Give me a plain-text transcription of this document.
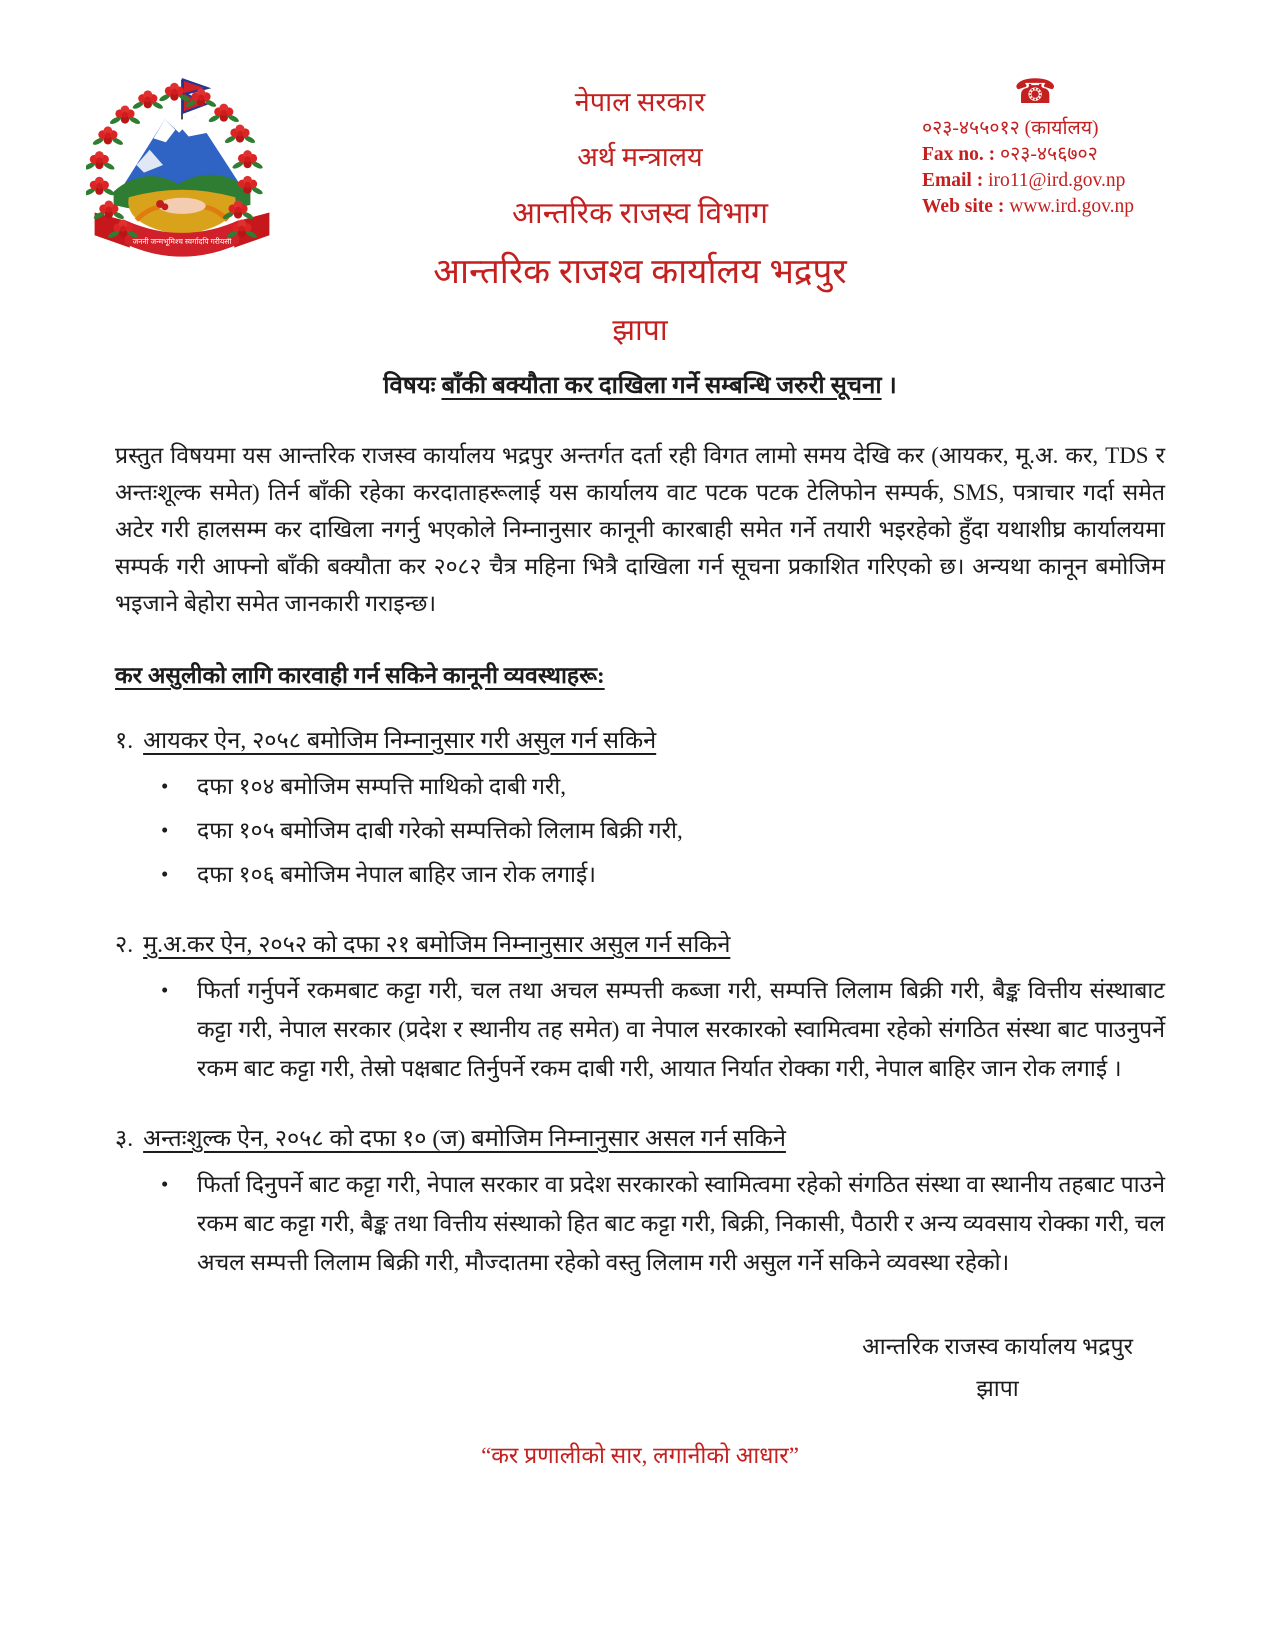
जननी जन्मभूमिश्च स्वर्गादपि गरीयसी
नेपाल सरकार
अर्थ मन्त्रालय
आन्तरिक राजस्व विभाग
आन्तरिक राजश्व कार्यालय भद्रपुर
झापा
☎
०२३-४५५०१२ (कार्यालय)
Fax no. : ०२३-४५६७०२
Email : iro11@ird.gov.np
Web site : www.ird.gov.np
विषयः बाँकी बक्यौता कर दाखिला गर्ने सम्बन्धि जरुरी सूचना ।
प्रस्तुत विषयमा यस आन्तरिक राजस्व कार्यालय भद्रपुर अन्तर्गत दर्ता रही विगत लामो समय देखि कर (आयकर, मू.अ. कर, TDS र अन्तःशूल्क समेत) तिर्न बाँकी रहेका करदाताहरूलाई यस कार्यालय वाट पटक पटक टेलिफोन सम्पर्क, SMS, पत्राचार गर्दा समेत अटेर गरी हालसम्म कर दाखिला नगर्नु भएकोले निम्नानुसार कानूनी कारबाही समेत गर्ने तयारी भइरहेको हुँदा यथाशीघ्र कार्यालयमा सम्पर्क गरी आफ्नो बाँकी बक्यौता कर २०८२ चैत्र महिना भित्रै दाखिला गर्न सूचना प्रकाशित गरिएको छ। अन्यथा कानून बमोजिम भइजाने बेहोरा समेत जानकारी गराइन्छ।
कर असुलीको लागि कारवाही गर्न सकिने कानूनी व्यवस्थाहरू:
१. आयकर ऐन, २०५८ बमोजिम निम्नानुसार गरी असुल गर्न सकिने
•	दफा १०४ बमोजिम सम्पत्ति माथिको दाबी गरी,
•	दफा १०५ बमोजिम दाबी गरेको सम्पत्तिको लिलाम बिक्री गरी,
•	दफा १०६ बमोजिम नेपाल बाहिर जान रोक लगाई।
२. मु.अ.कर ऐन, २०५२ को दफा २१ बमोजिम निम्नानुसार असुल गर्न सकिने
•	फिर्ता गर्नुपर्ने रकमबाट कट्टा गरी, चल तथा अचल सम्पत्ती कब्जा गरी, सम्पत्ति लिलाम बिक्री गरी, बैङ्क वित्तीय संस्थाबाट कट्टा गरी, नेपाल सरकार (प्रदेश र स्थानीय तह समेत) वा नेपाल सरकारको स्वामित्वमा रहेको संगठित संस्था बाट पाउनुपर्ने रकम बाट कट्टा गरी, तेस्रो पक्षबाट तिर्नुपर्ने रकम दाबी गरी, आयात निर्यात रोक्का गरी, नेपाल बाहिर जान रोक लगाई ।
३. अन्तःशुल्क ऐन, २०५८ को दफा १० (ज) बमोजिम निम्नानुसार असल गर्न सकिने
•	फिर्ता दिनुपर्ने बाट कट्टा गरी, नेपाल सरकार वा प्रदेश सरकारको स्वामित्वमा रहेको संगठित संस्था वा स्थानीय तहबाट पाउने रकम बाट कट्टा गरी, बैङ्क तथा वित्तीय संस्थाको हित बाट कट्टा गरी, बिक्री, निकासी, पैठारी र अन्य व्यवसाय रोक्का गरी, चल अचल सम्पत्ती लिलाम बिक्री गरी, मौज्दातमा रहेको वस्तु लिलाम गरी असुल गर्ने सकिने व्यवस्था रहेको।
आन्तरिक राजस्व कार्यालय भद्रपुर
झापा
“कर प्रणालीको सार, लगानीको आधार”
